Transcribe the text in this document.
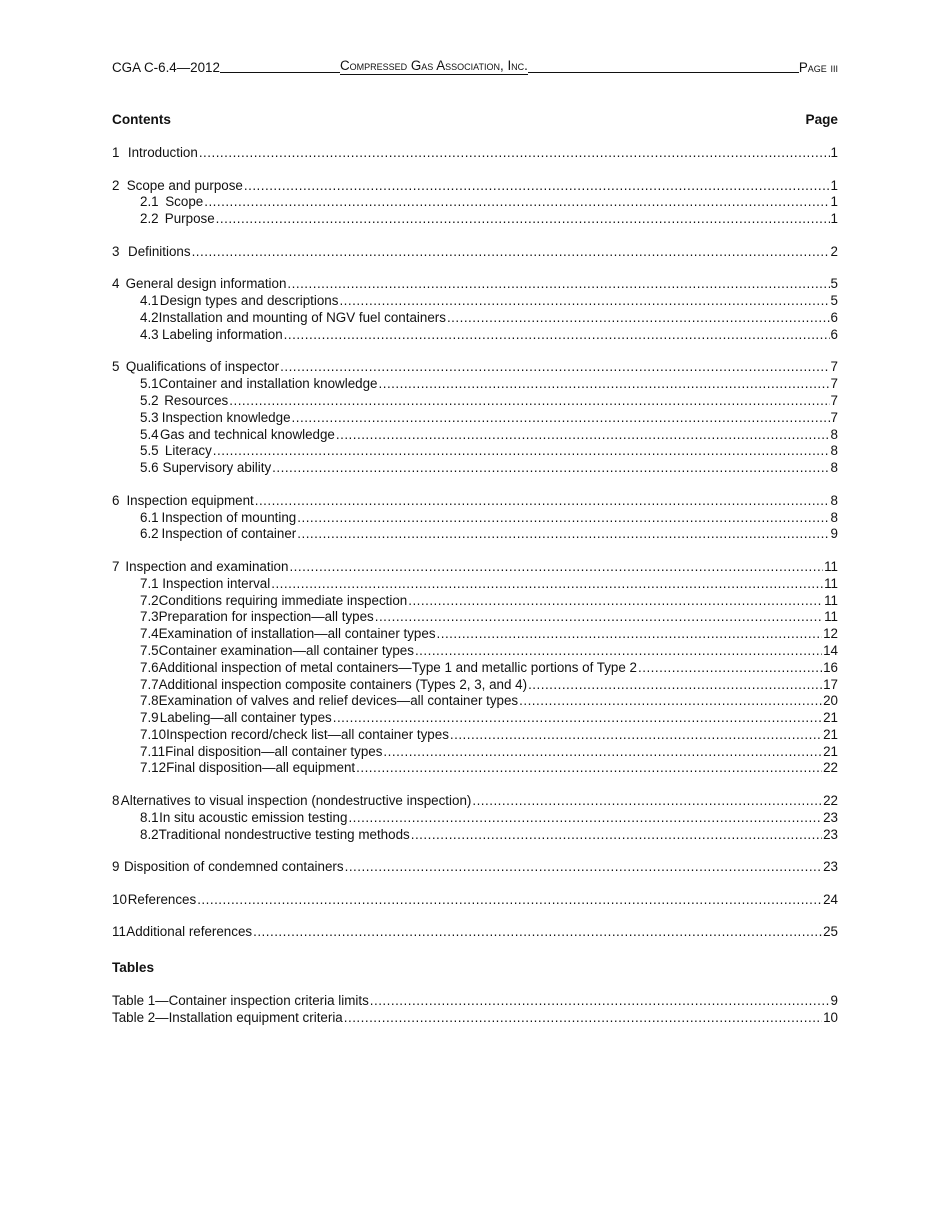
CGA C-6.4—2012	Compressed Gas Association, Inc.	Page iii
Contents	Page
1 Introduction .....	1
2 Scope and purpose .....	1
2.1 Scope .....	1
2.2 Purpose .....	1
3 Definitions .....	2
4 General design information .....	5
4.1 Design types and descriptions .....	5
4.2 Installation and mounting of NGV fuel containers .....	6
4.3 Labeling information .....	6
5 Qualifications of inspector .....	7
5.1 Container and installation knowledge .....	7
5.2 Resources .....	7
5.3 Inspection knowledge .....	7
5.4 Gas and technical knowledge .....	8
5.5 Literacy .....	8
5.6 Supervisory ability .....	8
6 Inspection equipment .....	8
6.1 Inspection of mounting .....	8
6.2 Inspection of container .....	9
7 Inspection and examination .....	11
7.1 Inspection interval .....	11
7.2 Conditions requiring immediate inspection .....	11
7.3 Preparation for inspection—all types .....	11
7.4 Examination of installation—all container types .....	12
7.5 Container examination—all container types .....	14
7.6 Additional inspection of metal containers—Type 1 and metallic portions of Type 2 .....	16
7.7 Additional inspection composite containers (Types 2, 3, and 4) .....	17
7.8 Examination of valves and relief devices—all container types .....	20
7.9 Labeling—all container types .....	21
7.10 Inspection record/check list—all container types .....	21
7.11 Final disposition—all container types .....	21
7.12 Final disposition—all equipment .....	22
8 Alternatives to visual inspection (nondestructive inspection) .....	22
8.1 In situ acoustic emission testing .....	23
8.2 Traditional nondestructive testing methods .....	23
9 Disposition of condemned containers .....	23
10 References .....	24
11 Additional references .....	25
Tables
Table 1—Container inspection criteria limits .....	9
Table 2—Installation equipment criteria .....	10
